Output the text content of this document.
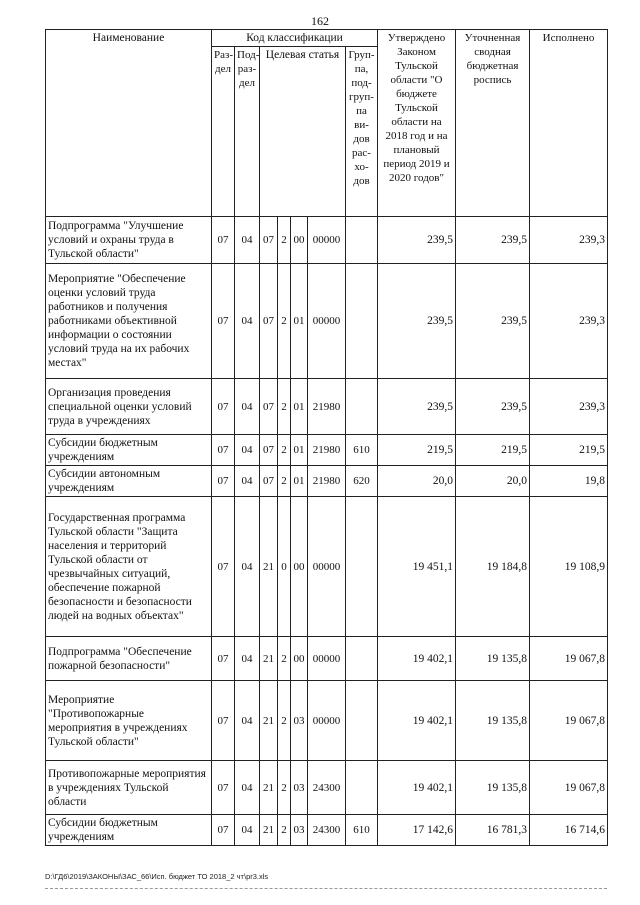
162
Наименование	Код классификации							Утверждено Законом Тульской области "О бюджете Тульской области на 2018 год и на плановый период 2019 и 2020 годов"	Уточненная сводная бюджетная роспись	Исполнено
	Раз-дел	Под-раз-дел	Целевая статья				Груп-па, под-груп-па ви-дов рас-хо-дов			
Подпрограмма "Улучшение условий и охраны труда в Тульской области"	07	04	07	2	00	00000		239,5	239,5	239,3
Мероприятие "Обеспечение оценки условий труда работников и получения работниками объективной информации о состоянии условий труда на их рабочих местах"	07	04	07	2	01	00000		239,5	239,5	239,3
Организация проведения специальной оценки условий труда в учреждениях	07	04	07	2	01	21980		239,5	239,5	239,3
Субсидии бюджетным учреждениям	07	04	07	2	01	21980	610	219,5	219,5	219,5
Субсидии автономным учреждениям	07	04	07	2	01	21980	620	20,0	20,0	19,8
Государственная программа Тульской области "Защита населения и территорий Тульской области от чрезвычайных ситуаций, обеспечение пожарной безопасности и безопасности людей на водных объектах"	07	04	21	0	00	00000		19 451,1	19 184,8	19 108,9
Подпрограмма "Обеспечение пожарной безопасности"	07	04	21	2	00	00000		19 402,1	19 135,8	19 067,8
Мероприятие "Противопожарные мероприятия в учреждениях Тульской области"	07	04	21	2	03	00000		19 402,1	19 135,8	19 067,8
Противопожарные мероприятия в учреждениях Тульской области	07	04	21	2	03	24300		19 402,1	19 135,8	19 067,8
Субсидии бюджетным учреждениям	07	04	21	2	03	24300	610	17 142,6	16 781,3	16 714,6
D:\ГД6\2019\ЗАКОНЫ\ЗАС_66\Исп. бюджет ТО 2018_2 чт\pr3.xls
